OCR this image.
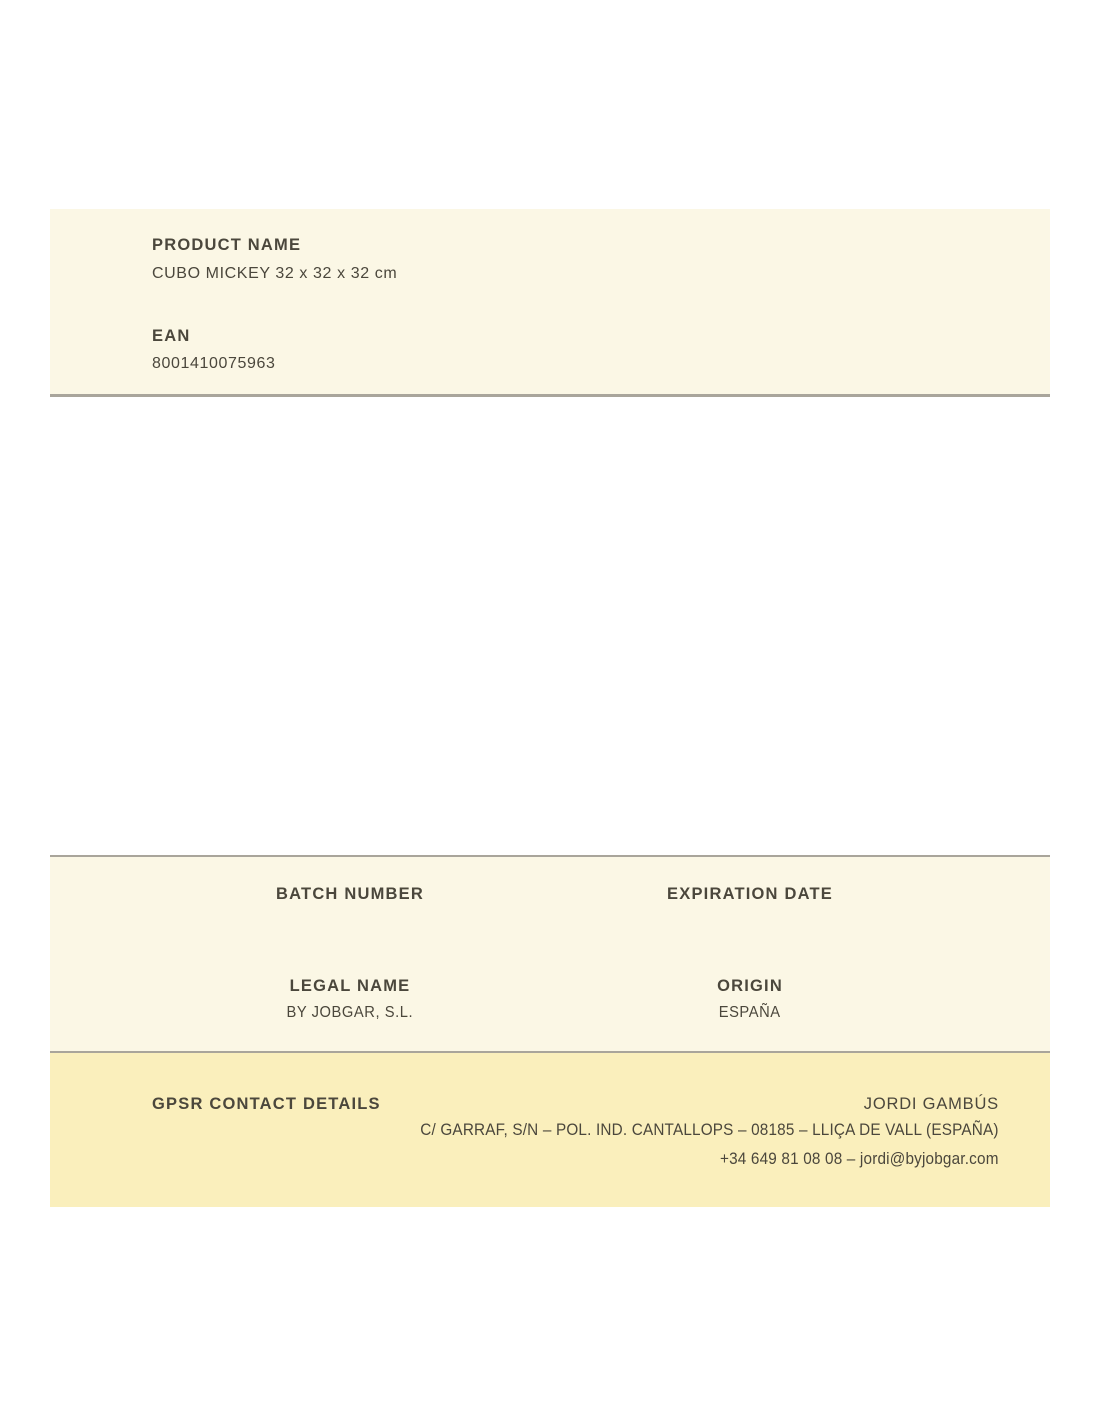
PRODUCT NAME
CUBO MICKEY 32 x 32 x 32 cm
EAN
8001410075963
BATCH NUMBER	EXPIRATION DATE
LEGAL NAME	ORIGIN
BY JOBGAR, S.L.	ESPAÑA
GPSR CONTACT DETAILS	JORDI GAMBÚS
C/ GARRAF, S/N – POL. IND. CANTALLOPS – 08185 – LLIÇA DE VALL (ESPAÑA)
+34 649 81 08 08 – jordi@byjobgar.com
